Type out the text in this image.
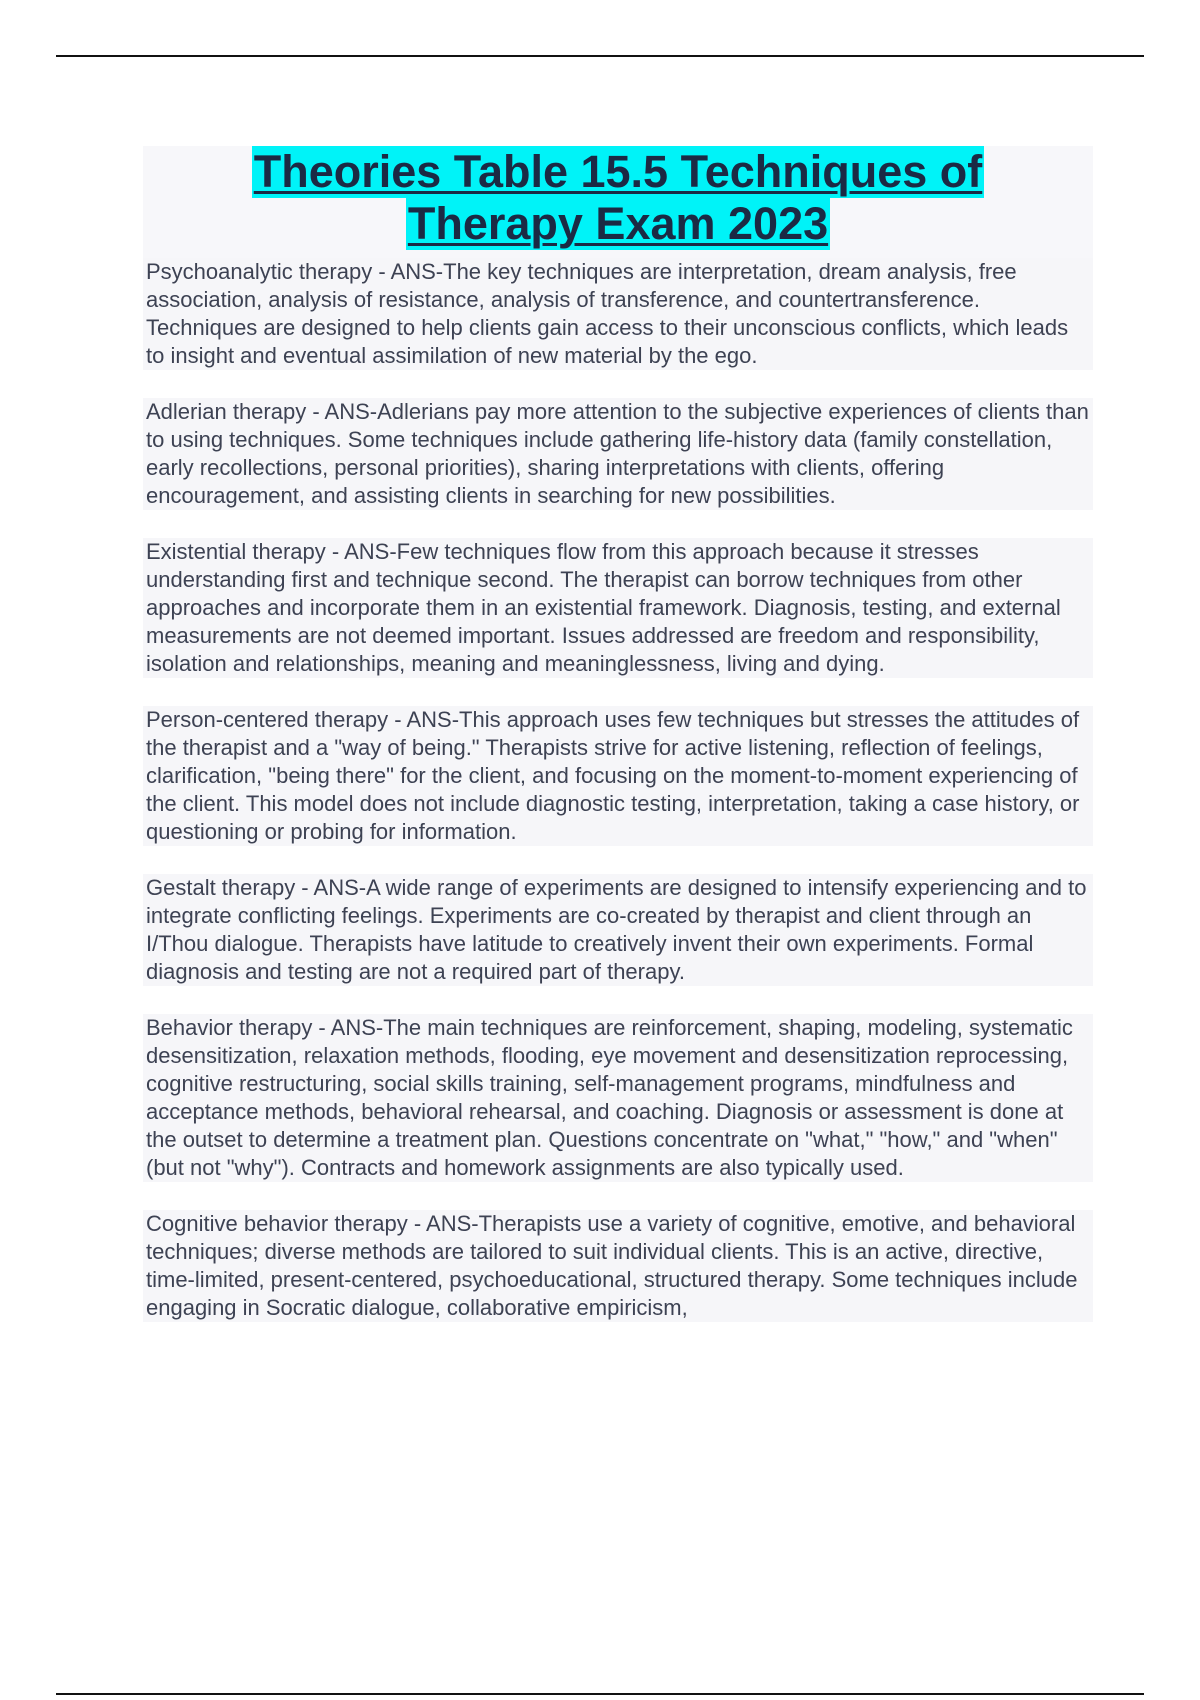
Theories Table 15.5 Techniques of
Therapy Exam 2023

Psychoanalytic therapy - ANS-The key techniques are interpretation, dream analysis, free association, analysis of resistance, analysis of transference, and countertransference. Techniques are designed to help clients gain access to their unconscious conflicts, which leads to insight and eventual assimilation of new material by the ego.

Adlerian therapy - ANS-Adlerians pay more attention to the subjective experiences of clients than to using techniques. Some techniques include gathering life-history data (family constellation, early recollections, personal priorities), sharing interpretations with clients, offering encouragement, and assisting clients in searching for new possibilities.

Existential therapy - ANS-Few techniques flow from this approach because it stresses understanding first and technique second. The therapist can borrow techniques from other approaches and incorporate them in an existential framework. Diagnosis, testing, and external measurements are not deemed important. Issues addressed are freedom and responsibility, isolation and relationships, meaning and meaninglessness, living and dying.

Person-centered therapy - ANS-This approach uses few techniques but stresses the attitudes of the therapist and a "way of being." Therapists strive for active listening, reflection of feelings, clarification, "being there" for the client, and focusing on the moment-to-moment experiencing of the client. This model does not include diagnostic testing, interpretation, taking a case history, or questioning or probing for information.

Gestalt therapy - ANS-A wide range of experiments are designed to intensify experiencing and to integrate conflicting feelings. Experiments are co-created by therapist and client through an I/Thou dialogue. Therapists have latitude to creatively invent their own experiments. Formal diagnosis and testing are not a required part of therapy.

Behavior therapy - ANS-The main techniques are reinforcement, shaping, modeling, systematic desensitization, relaxation methods, flooding, eye movement and desensitization reprocessing, cognitive restructuring, social skills training, self-management programs, mindfulness and acceptance methods, behavioral rehearsal, and coaching. Diagnosis or assessment is done at the outset to determine a treatment plan. Questions concentrate on "what," "how," and "when" (but not "why"). Contracts and homework assignments are also typically used.

Cognitive behavior therapy - ANS-Therapists use a variety of cognitive, emotive, and behavioral techniques; diverse methods are tailored to suit individual clients. This is an active, directive, time-limited, present-centered, psychoeducational, structured therapy. Some techniques include engaging in Socratic dialogue, collaborative empiricism,
